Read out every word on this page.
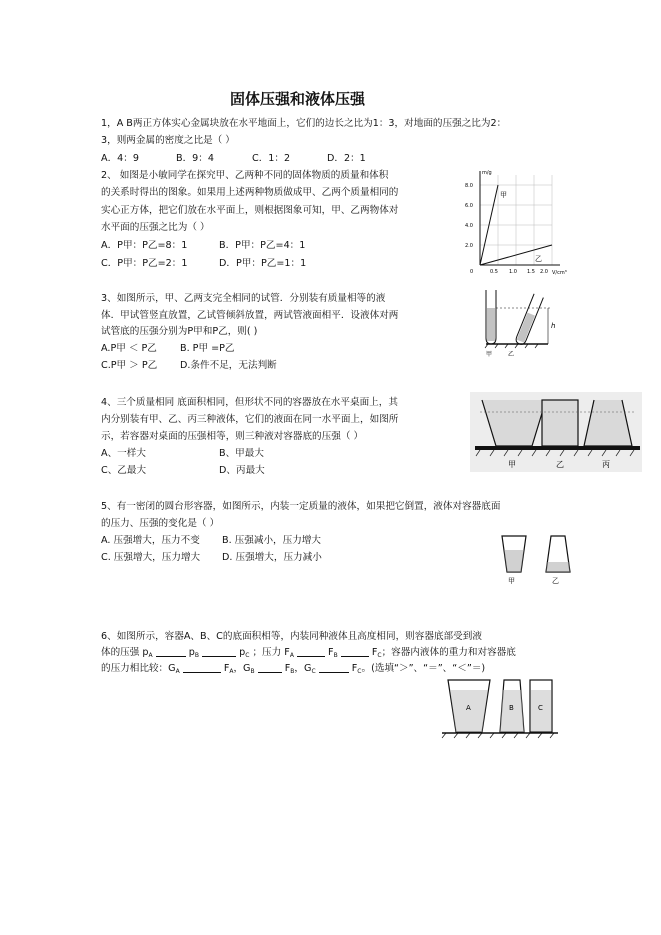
固体压强和液体压强
1，A B两正方体实心金属块放在水平地面上，它们的边长之比为1：3，对地面的压强之比为2：
3，则两金属的密度之比是（ ）
A．4：9	B．9：4	C．1：2	D．2：1
2、 如图是小敏同学在探究甲、乙两种不同的固体物质的质量和体积
的关系时得出的图象。如果用上述两种物质做成甲、乙两个质量相同的
实心正方体，把它们放在水平面上，则根据图象可知，甲、乙两物体对
水平面的压强之比为（ ）
A．P甲：P乙=8：1	B．P甲：P乙=4：1
C．P甲：P乙=2：1	D．P甲：P乙=1：1
m/g
V/cm³
8.0
6.0
4.0
2.0
0	0.5 1.0 1.5 2.0
甲
乙
3、如图所示，甲、乙两支完全相同的试管．分别装有质量相等的液
体．甲试管竖直放置，乙试管倾斜放置，两试管液面相平．设液体对两
试管底的压强分别为P甲和P乙，则( )
A.P甲 ＜ P乙 B. P甲 =P乙
C.P甲 ＞ P乙 D.条件不足，无法判断
h
甲	乙
4、三个质量相同 底面积相同，但形状不同的容器放在水平桌面上，其
内分别装有甲、乙、丙三种液体，它们的液面在同一水平面上，如图所
示，若容器对桌面的压强相等，则三种液对容器底的压强（ ）
A、一样大	B、甲最大
C、乙最大	D、丙最大
甲	乙	丙
5、有一密闭的圆台形容器，如图所示，内装一定质量的液体，如果把它倒置，液体对容器底面
的压力、压强的变化是（ ）
A. 压强增大，压力不变 B. 压强减小，压力增大
C. 压强增大，压力增大 D. 压强增大，压力减小
甲	乙
6、如图所示，容器A、B、C的底面积相等，内装同种液体且高度相同，则容器底部受到液
体的压强 $p_A$	$p_B$	$p_C$ ；压力 $F_A$	$F_B$	$F_C$；容器内液体的重力和对容器底
的压力相比较：$G_A$	$F_A$，$G_B$	$F_B$，$G_C$	$F_C$。(选填“＞”、“＝”、“＜”＝)
A	B	C
